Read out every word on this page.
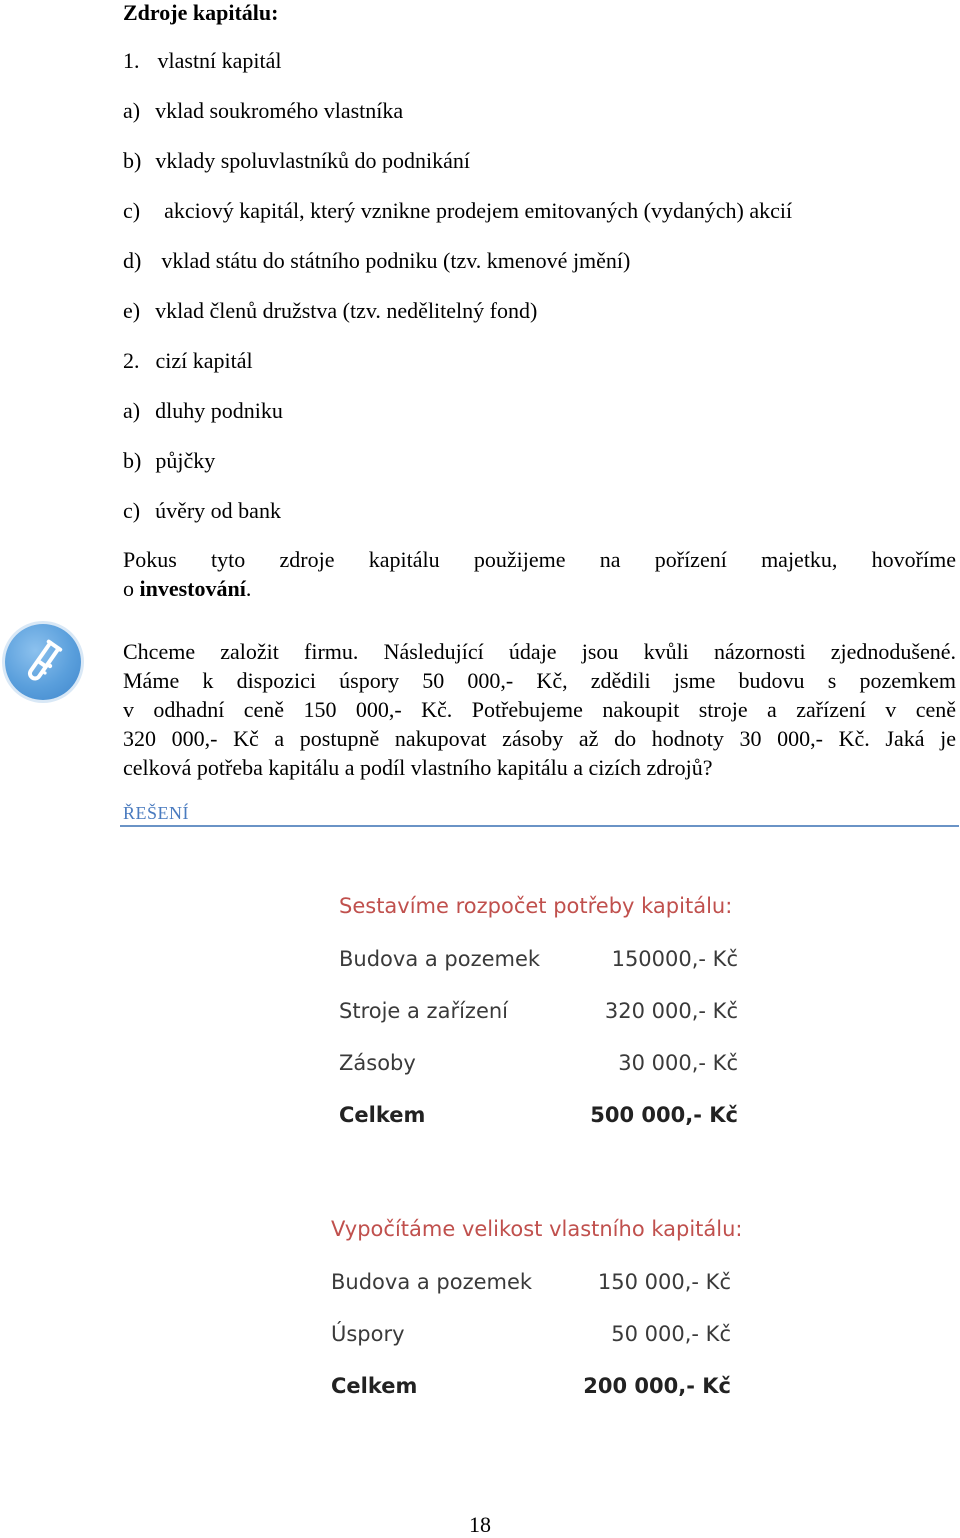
Zdroje kapitálu:
1. vlastní kapitál
a) vklad soukromého vlastníka
b) vklady spoluvlastníků do podnikání
c) akciový kapitál, který vznikne prodejem emitovaných (vydaných) akcií
d) vklad státu do státního podniku (tzv. kmenové jmění)
e) vklad členů družstva (tzv. nedělitelný fond)
2. cizí kapitál
a) dluhy podniku
b) půjčky
c) úvěry od bank
Pokus tyto zdroje kapitálu použijeme na pořízení majetku, hovoříme
o investování.
Chceme založit firmu. Následující údaje jsou kvůli názornosti zjednodušené.
Máme k dispozici úspory 50 000,- Kč, zdědili jsme budovu s pozemkem
v odhadní ceně 150 000,- Kč. Potřebujeme nakoupit stroje a zařízení v ceně
320 000,- Kč a postupně nakupovat zásoby až do hodnoty 30 000,- Kč. Jaká je
celková potřeba kapitálu a podíl vlastního kapitálu a cizích zdrojů?
ŘEŠENÍ
Sestavíme rozpočet potřeby kapitálu:
Budova a pozemek	150000,- Kč
Stroje a zařízení	320 000,- Kč
Zásoby	30 000,- Kč
Celkem	500 000,- Kč
Vypočítáme velikost vlastního kapitálu:
Budova a pozemek	150 000,- Kč
Úspory	50 000,- Kč
Celkem	200 000,- Kč
18
